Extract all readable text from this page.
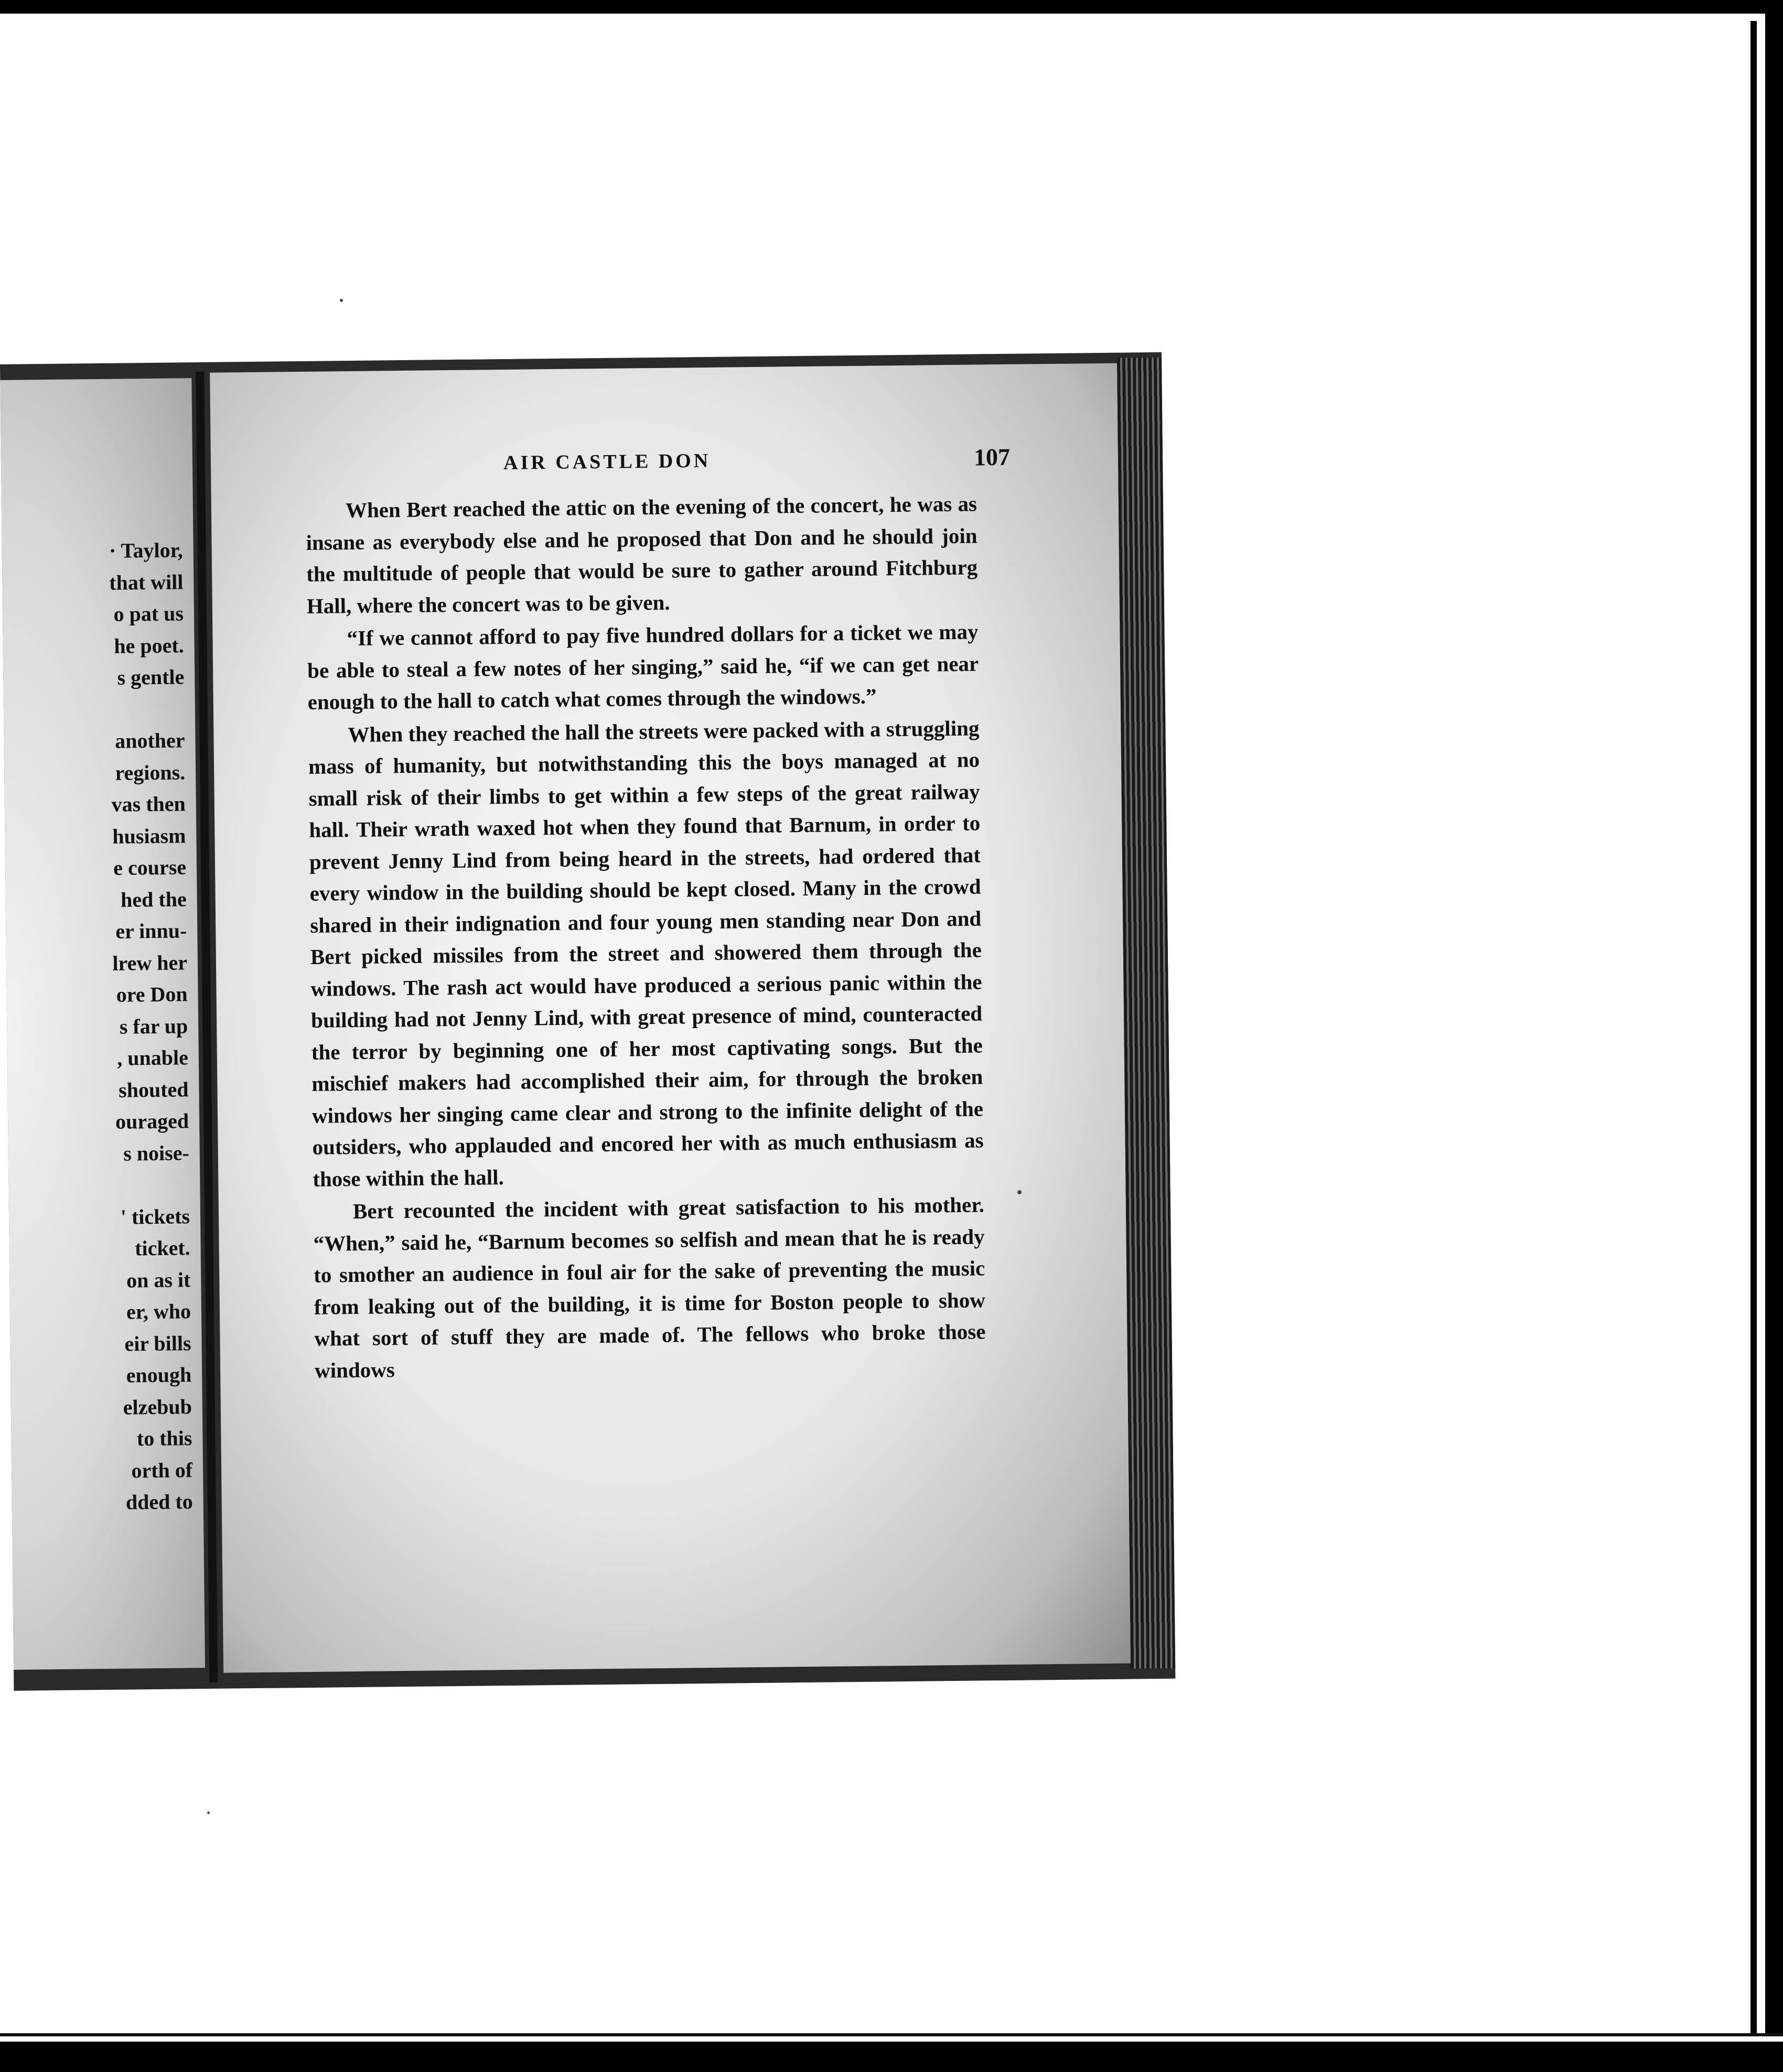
· Taylor,
that will
o pat us
he poet.
s gentle
another
regions.
vas then
husiasm
e course
hed the
er innu-
lrew her
ore Don
s far up
, unable
shouted
ouraged
s noise-
' tickets
ticket.
on as it
er, who
eir bills
enough
elzebub
to this
orth of
dded to
AIR CASTLE DON	107

When Bert reached the attic on the evening of the concert, he was as insane as everybody else and he proposed that Don and he should join the multitude of people that would be sure to gather around Fitchburg Hall, where the concert was to be given.

“If we cannot afford to pay five hundred dollars for a ticket we may be able to steal a few notes of her singing,” said he, “if we can get near enough to the hall to catch what comes through the windows.”

When they reached the hall the streets were packed with a struggling mass of humanity, but notwithstanding this the boys managed at no small risk of their limbs to get within a few steps of the great railway hall. Their wrath waxed hot when they found that Barnum, in order to prevent Jenny Lind from being heard in the streets, had ordered that every window in the building should be kept closed. Many in the crowd shared in their indignation and four young men standing near Don and Bert picked missiles from the street and showered them through the windows. The rash act would have produced a serious panic within the building had not Jenny Lind, with great presence of mind, counteracted the terror by beginning one of her most captivating songs. But the mischief makers had accomplished their aim, for through the broken windows her singing came clear and strong to the infinite delight of the outsiders, who applauded and encored her with as much enthusiasm as those within the hall.

Bert recounted the incident with great satisfaction to his mother. “When,” said he, “Barnum becomes so selfish and mean that he is ready to smother an audience in foul air for the sake of preventing the music from leaking out of the building, it is time for Boston people to show what sort of stuff they are made of. The fellows who broke those windows
